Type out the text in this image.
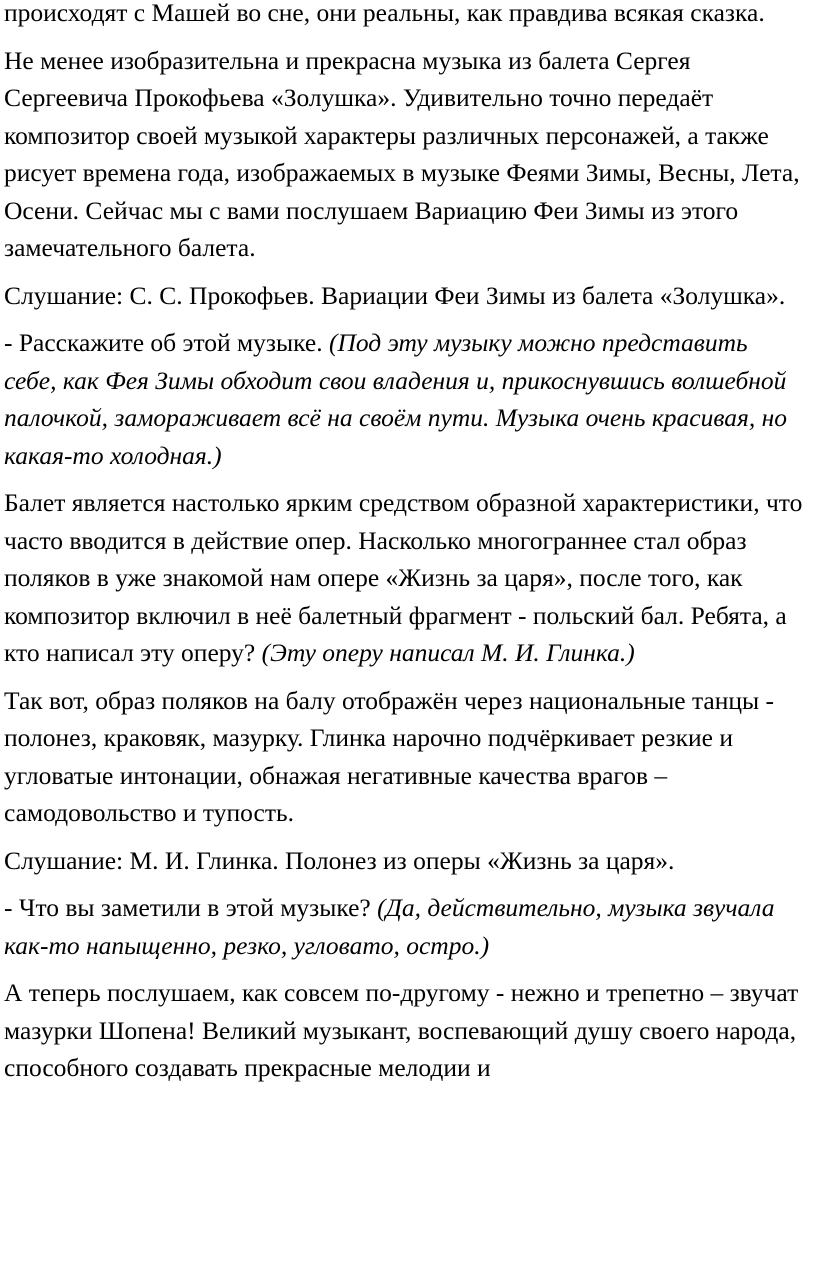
происходят с Машей во сне, они реальны, как правдива всякая сказка.

Не менее изобразительна и прекрасна музыка из балета Сергея Сергеевича Прокофьева «Золушка». Удивительно точно передаёт композитор своей музыкой характеры различных персонажей, а также рисует времена года, изображаемых в музыке Феями Зимы, Весны, Лета, Осени. Сейчас мы с вами послушаем Вариацию Феи Зимы из этого замечательного балета.

Слушание: С. С. Прокофьев. Вариации Феи Зимы из балета «Золушка».

- Расскажите об этой музыке. (Под эту музыку можно представить себе, как Фея Зимы обходит свои владения и, прикоснувшись волшебной палочкой, замораживает всё на своём пути. Музыка очень красивая, но какая-то холодная.)

Балет является настолько ярким средством образной характеристики, что часто вводится в действие опер. Насколько многограннее стал образ поляков в уже знакомой нам опере «Жизнь за царя», после того, как композитор включил в неё балетный фрагмент - польский бал. Ребята, а кто написал эту оперу? (Эту оперу написал М. И. Глинка.)

Так вот, образ поляков на балу отображён через национальные танцы - полонез, краковяк, мазурку. Глинка нарочно подчёркивает резкие и угловатые интонации, обнажая негативные качества врагов – самодовольство и тупость.

Слушание: М. И. Глинка. Полонез из оперы «Жизнь за царя».

- Что вы заметили в этой музыке? (Да, действительно, музыка звучала как-то напыщенно, резко, угловато, остро.)

А теперь послушаем, как совсем по-другому - нежно и трепетно – звучат мазурки Шопена! Великий музыкант, воспевающий душу своего народа, способного создавать прекрасные мелодии и
